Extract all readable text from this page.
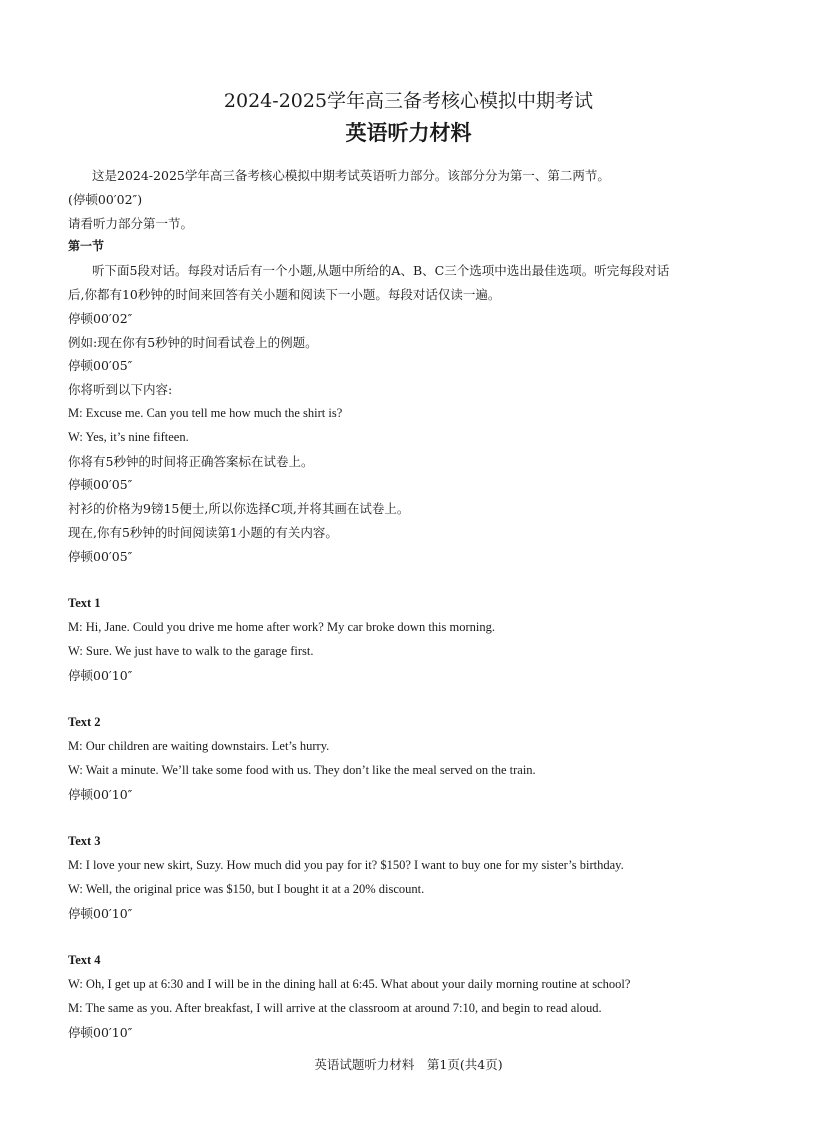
2024-2025学年高三备考核心模拟中期考试
英语听力材料
这是2024-2025学年高三备考核心模拟中期考试英语听力部分。该部分分为第一、第二两节。
(停顿00′02″)
请看听力部分第一节。
第一节
听下面5段对话。每段对话后有一个小题,从题中所给的A、B、C三个选项中选出最佳选项。听完每段对话
后,你都有10秒钟的时间来回答有关小题和阅读下一小题。每段对话仅读一遍。
停顿00′02″
例如:现在你有5秒钟的时间看试卷上的例题。
停顿00′05″
你将听到以下内容:
M: Excuse me. Can you tell me how much the shirt is?
W: Yes, it’s nine fifteen.
你将有5秒钟的时间将正确答案标在试卷上。
停顿00′05″
衬衫的价格为9镑15便士,所以你选择C项,并将其画在试卷上。
现在,你有5秒钟的时间阅读第1小题的有关内容。
停顿00′05″
Text 1
M: Hi, Jane. Could you drive me home after work? My car broke down this morning.
W: Sure. We just have to walk to the garage first.
停顿00′10″
Text 2
M: Our children are waiting downstairs. Let’s hurry.
W: Wait a minute. We’ll take some food with us. They don’t like the meal served on the train.
停顿00′10″
Text 3
M: I love your new skirt, Suzy. How much did you pay for it? $150? I want to buy one for my sister’s birthday.
W: Well, the original price was $150, but I bought it at a 20% discount.
停顿00′10″
Text 4
W: Oh, I get up at 6:30 and I will be in the dining hall at 6:45. What about your daily morning routine at school?
M: The same as you. After breakfast, I will arrive at the classroom at around 7:10, and begin to read aloud.
停顿00′10″
英语试题听力材料　第1页(共4页)
